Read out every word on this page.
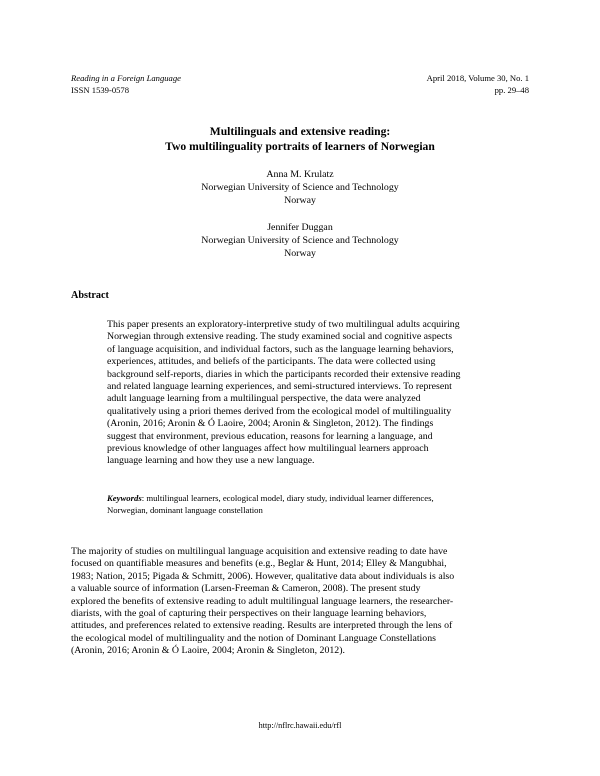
Reading in a Foreign Language
ISSN 1539-0578
April 2018, Volume 30, No. 1
pp. 29–48
Multilinguals and extensive reading:
Two multilinguality portraits of learners of Norwegian
Anna M. Krulatz
Norwegian University of Science and Technology
Norway
Jennifer Duggan
Norwegian University of Science and Technology
Norway
Abstract
This paper presents an exploratory-interpretive study of two multilingual adults acquiring
Norwegian through extensive reading. The study examined social and cognitive aspects
of language acquisition, and individual factors, such as the language learning behaviors,
experiences, attitudes, and beliefs of the participants. The data were collected using
background self-reports, diaries in which the participants recorded their extensive reading
and related language learning experiences, and semi-structured interviews. To represent
adult language learning from a multilingual perspective, the data were analyzed
qualitatively using a priori themes derived from the ecological model of multilinguality
(Aronin, 2016; Aronin & Ó Laoire, 2004; Aronin & Singleton, 2012). The findings
suggest that environment, previous education, reasons for learning a language, and
previous knowledge of other languages affect how multilingual learners approach
language learning and how they use a new language.
Keywords: multilingual learners, ecological model, diary study, individual learner differences,
Norwegian, dominant language constellation
The majority of studies on multilingual language acquisition and extensive reading to date have
focused on quantifiable measures and benefits (e.g., Beglar & Hunt, 2014; Elley & Mangubhai,
1983; Nation, 2015; Pigada & Schmitt, 2006). However, qualitative data about individuals is also
a valuable source of information (Larsen-Freeman & Cameron, 2008). The present study
explored the benefits of extensive reading to adult multilingual language learners, the researcher-
diarists, with the goal of capturing their perspectives on their language learning behaviors,
attitudes, and preferences related to extensive reading. Results are interpreted through the lens of
the ecological model of multilinguality and the notion of Dominant Language Constellations
(Aronin, 2016; Aronin & Ó Laoire, 2004; Aronin & Singleton, 2012).
http://nflrc.hawaii.edu/rfl
